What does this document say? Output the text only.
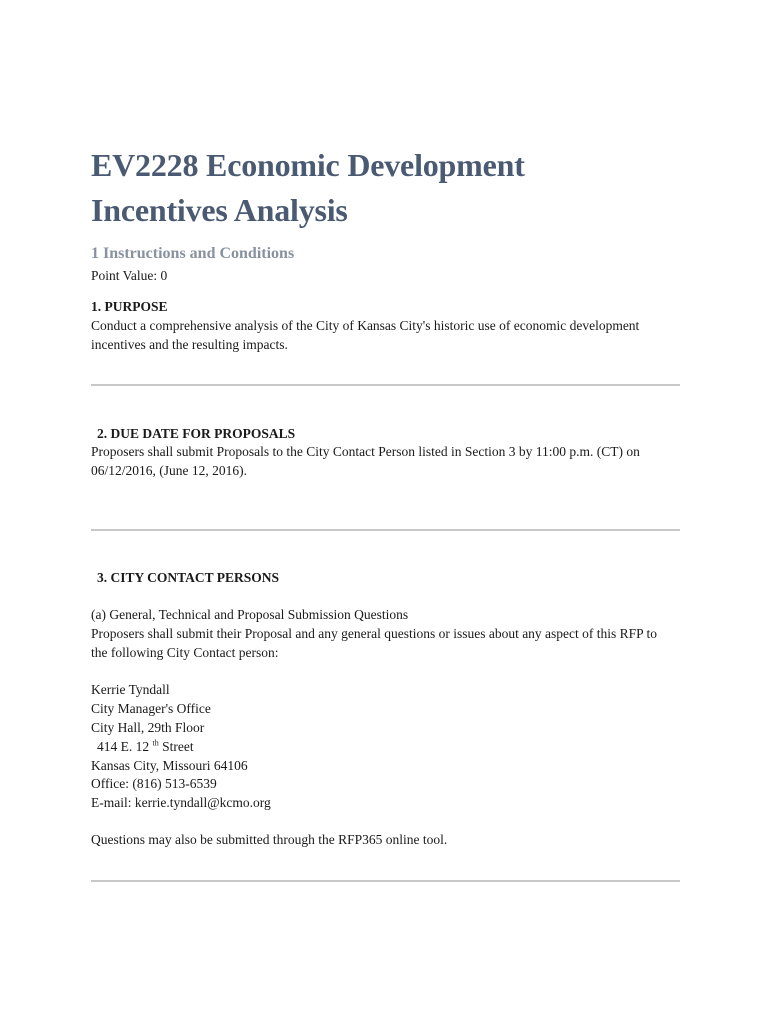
EV2228 Economic Development
Incentives Analysis
1 Instructions and Conditions

Point Value: 0

1. PURPOSE

Conduct a comprehensive analysis of the City of Kansas City's historic use of economic development

incentives and the resulting impacts.

2. DUE DATE FOR PROPOSALS

Proposers shall submit Proposals to the City Contact Person listed in Section 3 by 11:00 p.m. (CT) on

06/12/2016, (June 12, 2016).

3. CITY CONTACT PERSONS

(a) General, Technical and Proposal Submission Questions

Proposers shall submit their Proposal and any general questions or issues about any aspect of this RFP to

the following City Contact person:

Kerrie Tyndall

City Manager's Office

City Hall, 29th Floor

414 E. 12 $^{th}$ Street

Kansas City, Missouri 64106

Office: (816) 513-6539

E-mail: kerrie.tyndall@kcmo.org

Questions may also be submitted through the RFP365 online tool.
